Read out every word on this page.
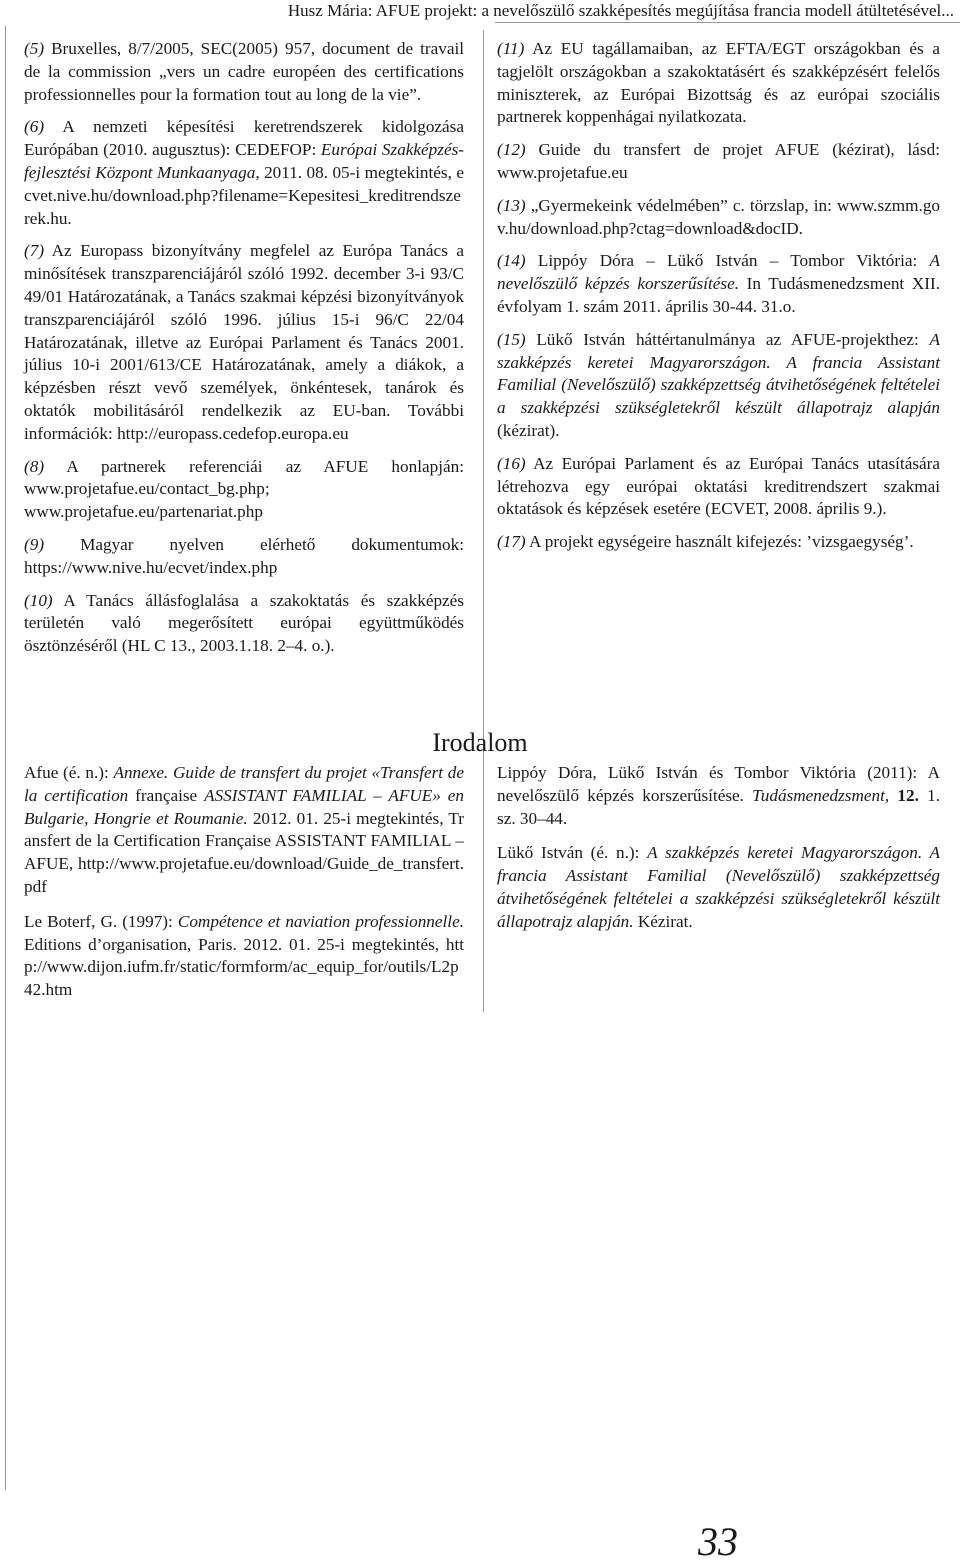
Husz Mária: AFUE projekt: a nevelőszülő szakképesítés megújítása francia modell átültetésével...

(5) Bruxelles, 8/7/2005, SEC(2005) 957, document de travail de la commission „vers un cadre européen des certifications professionnelles pour la formation tout au long de la vie”.

(6) A nemzeti képesítési keretrendszerek kidolgozása Európában (2010. augusztus): CEDEFOP: Európai Szakképzés-fejlesztési Központ Munkaanyaga, 2011. 08. 05-i megtekintés, ecvet.nive.hu/download.php?filename=Kepesitesi_kreditrendszerek.hu.

(7) Az Europass bizonyítvány megfelel az Európa Tanács a minősítések transzparenciájáról szóló 1992. december 3-i 93/C 49/01 Határozatának, a Tanács szakmai képzési bizonyítványok transzparenciájáról szóló 1996. július 15-i 96/C 22/04 Határozatának, illetve az Európai Parlament és Tanács 2001. július 10-i 2001/613/CE Határozatának, amely a diákok, a képzésben részt vevő személyek, önkéntesek, tanárok és oktatók mobilitásáról rendelkezik az EU-ban. További információk: http://europass.cedefop.europa.eu

(8) A partnerek referenciái az AFUE honlapján: www.projetafue.eu/contact_bg.php; www.projetafue.eu/partenariat.php

(9) Magyar nyelven elérhető dokumentumok: https://www.nive.hu/ecvet/index.php

(10) A Tanács állásfoglalása a szakoktatás és szakképzés területén való megerősített európai együttműködés ösztönzéséről (HL C 13., 2003.1.18. 2–4. o.).

(11) Az EU tagállamaiban, az EFTA/EGT országokban és a tagjelölt országokban a szakoktatásért és szakképzésért felelős miniszterek, az Európai Bizottság és az európai szociális partnerek koppenhágai nyilatkozata.

(12) Guide du transfert de projet AFUE (kézirat), lásd: www.projetafue.eu

(13) „Gyermekeink védelmében” c. törzslap, in: www.szmm.gov.hu/download.php?ctag=download&docID.

(14) Lippóy Dóra – Lükő István – Tombor Viktória: A nevelőszülő képzés korszerűsítése. In Tudásmenedzsment XII. évfolyam 1. szám 2011. április 30-44. 31.o.

(15) Lükő István háttértanulmánya az AFUE-projekthez: A szakképzés keretei Magyarországon. A francia Assistant Familial (Nevelőszülő) szakképzettség átvihetőségének feltételei a szakképzési szükségletekről készült állapotrajz alapján (kézirat).

(16) Az Európai Parlament és az Európai Tanács utasítására létrehozva egy európai oktatási kreditrendszert szakmai oktatások és képzések esetére (ECVET, 2008. április 9.).

(17) A projekt egységeire használt kifejezés: ’vizsgaegység’.

Irodalom

Afue (é. n.): Annexe. Guide de transfert du projet «Transfert de la certification française ASSISTANT FAMILIAL – AFUE» en Bulgarie, Hongrie et Roumanie. 2012. 01. 25-i megtekintés, Transfert de la Certification Française ASSISTANT FAMILIAL – AFUE, http://www.projetafue.eu/download/Guide_de_transfert.pdf

Le Boterf, G. (1997): Compétence et naviation professionnelle. Editions d’organisation, Paris. 2012. 01. 25-i megtekintés, http://www.dijon.iufm.fr/static/formform/ac_equip_for/outils/L2p42.htm

Lippóy Dóra, Lükő István és Tombor Viktória (2011): A nevelőszülő képzés korszerűsítése. Tudásmenedzsment, 12. 1. sz. 30–44.

Lükő István (é. n.): A szakképzés keretei Magyarországon. A francia Assistant Familial (Nevelőszülő) szakképzettség átvihetőségének feltételei a szakképzési szükségletekről készült állapotrajz alapján. Kézirat.

33
